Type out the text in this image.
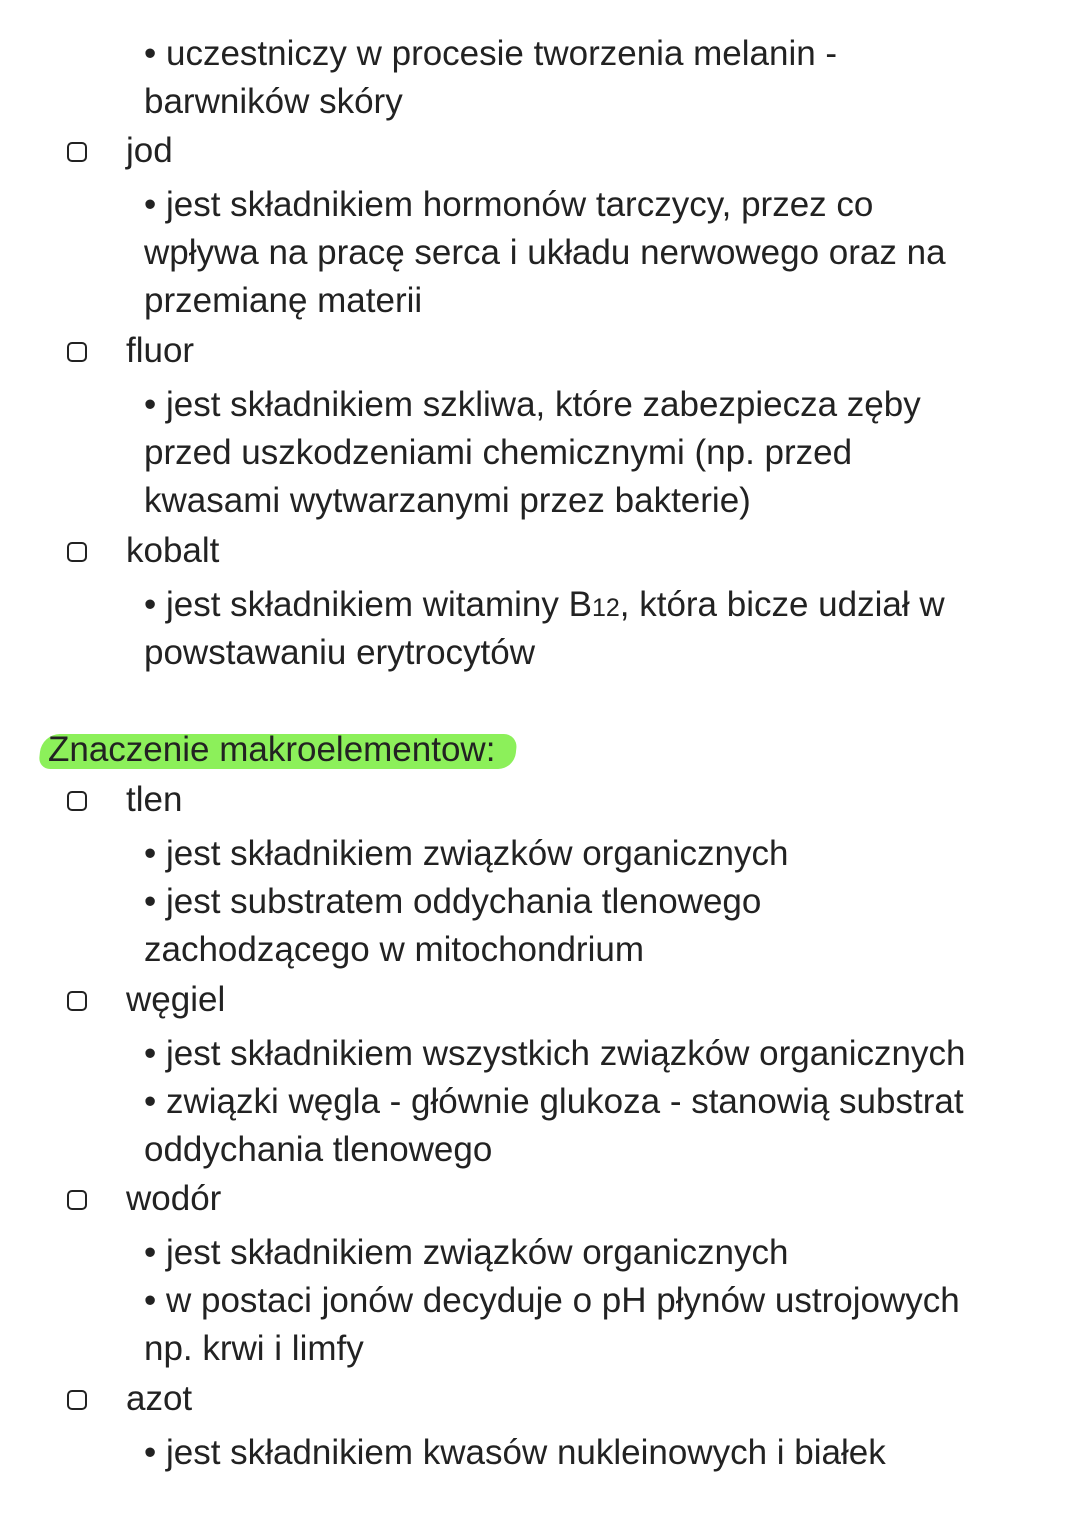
• uczestniczy w procesie tworzenia melanin -
barwników skóry
jod
• jest składnikiem hormonów tarczycy, przez co
wpływa na pracę serca i układu nerwowego oraz na
przemianę materii
fluor
• jest składnikiem szkliwa, które zabezpiecza zęby
przed uszkodzeniami chemicznymi (np. przed
kwasami wytwarzanymi przez bakterie)
kobalt
• jest składnikiem witaminy B12, która bicze udział w
powstawaniu erytrocytów
Znaczenie makroelementow:
tlen
• jest składnikiem związków organicznych
• jest substratem oddychania tlenowego
zachodzącego w mitochondrium
węgiel
• jest składnikiem wszystkich związków organicznych
• związki węgla - głównie glukoza - stanowią substrat
oddychania tlenowego
wodór
• jest składnikiem związków organicznych
• w postaci jonów decyduje o pH płynów ustrojowych
np. krwi i limfy
azot
• jest składnikiem kwasów nukleinowych i białek
